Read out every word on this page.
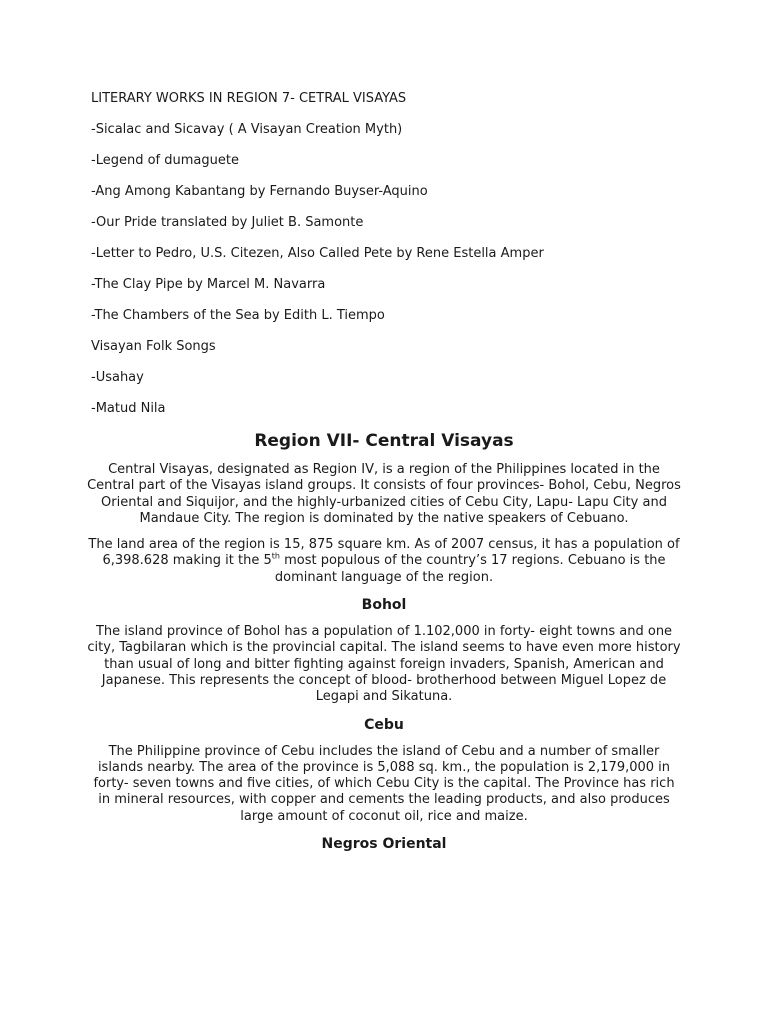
LITERARY WORKS IN REGION 7- CETRAL VISAYAS

-Sicalac and Sicavay ( A Visayan Creation Myth)

-Legend of dumaguete

-Ang Among Kabantang by Fernando Buyser-Aquino

-Our Pride translated by Juliet B. Samonte

-Letter to Pedro, U.S. Citezen, Also Called Pete by Rene Estella Amper

-The Clay Pipe by Marcel M. Navarra

-The Chambers of the Sea by Edith L. Tiempo

Visayan Folk Songs

-Usahay

-Matud Nila

Region VII- Central Visayas

Central Visayas, designated as Region IV, is a region of the Philippines located in the Central part of the Visayas island groups. It consists of four provinces- Bohol, Cebu, Negros Oriental and Siquijor, and the highly-urbanized cities of Cebu City, Lapu- Lapu City and Mandaue City. The region is dominated by the native speakers of Cebuano.

The land area of the region is 15, 875 square km. As of 2007 census, it has a population of 6,398.628 making it the 5th most populous of the country’s 17 regions. Cebuano is the dominant language of the region.

Bohol

The island province of Bohol has a population of 1.102,000 in forty- eight towns and one city, Tagbilaran which is the provincial capital. The island seems to have even more history than usual of long and bitter fighting against foreign invaders, Spanish, American and Japanese. This represents the concept of blood- brotherhood between Miguel Lopez de Legapi and Sikatuna.

Cebu

The Philippine province of Cebu includes the island of Cebu and a number of smaller islands nearby. The area of the province is 5,088 sq. km., the population is 2,179,000 in forty- seven towns and five cities, of which Cebu City is the capital. The Province has rich in mineral resources, with copper and cements the leading products, and also produces large amount of coconut oil, rice and maize.

Negros Oriental
